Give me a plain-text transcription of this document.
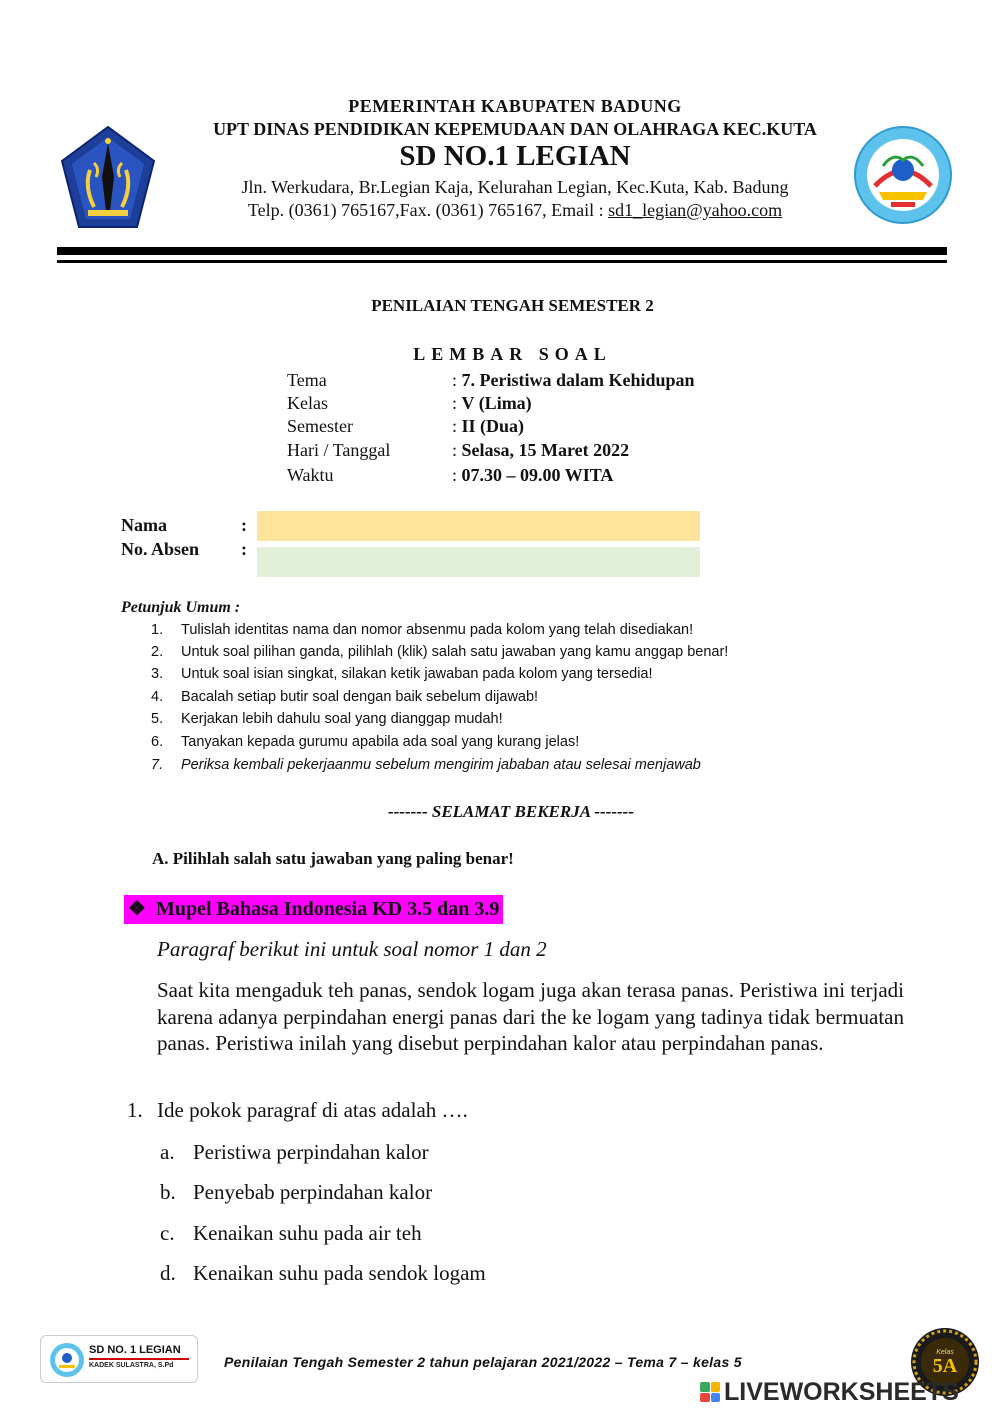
PEMERINTAH KABUPATEN BADUNG
UPT DINAS PENDIDIKAN KEPEMUDAAN DAN OLAHRAGA KEC.KUTA
SD NO.1 LEGIAN
Jln. Werkudara, Br.Legian Kaja, Kelurahan Legian, Kec.Kuta, Kab. Badung
Telp. (0361) 765167,Fax. (0361) 765167, Email : sd1_legian@yahoo.com
PENILAIAN TENGAH SEMESTER 2
LEMBAR SOAL
Tema	: 7. Peristiwa dalam Kehidupan
Kelas	: V (Lima)
Semester	: II (Dua)
Hari / Tanggal	: Selasa, 15 Maret 2022
Waktu	: 07.30 – 09.00 WITA
Nama	:
No. Absen :
Petunjuk Umum :
1.	Tulislah identitas nama dan nomor absenmu pada kolom yang telah disediakan!
2.	Untuk soal pilihan ganda, pilihlah (klik) salah satu jawaban yang kamu anggap benar!
3.	Untuk soal isian singkat, silakan ketik jawaban pada kolom yang tersedia!
4.	Bacalah setiap butir soal dengan baik sebelum dijawab!
5.	Kerjakan lebih dahulu soal yang dianggap mudah!
6.	Tanyakan kepada gurumu apabila ada soal yang kurang jelas!
7.	Periksa kembali pekerjaanmu sebelum mengirim jababan atau selesai menjawab
------- SELAMAT BEKERJA -------
A. Pilihlah salah satu jawaban yang paling benar!
❖ Mupel Bahasa Indonesia KD 3.5 dan 3.9
Paragraf berikut ini untuk soal nomor 1 dan 2
Saat kita mengaduk teh panas, sendok logam juga akan terasa panas. Peristiwa ini terjadi karena adanya perpindahan energi panas dari the ke logam yang tadinya tidak bermuatan panas. Peristiwa inilah yang disebut perpindahan kalor atau perpindahan panas.
1. Ide pokok paragraf di atas adalah ….
a. Peristiwa perpindahan kalor
b. Penyebab perpindahan kalor
c. Kenaikan suhu pada air teh
d. Kenaikan suhu pada sendok logam
SD NO. 1 LEGIAN
KADEK SULASTRA, S.Pd	Penilaian Tengah Semester 2 tahun pelajaran 2021/2022 – Tema 7 – kelas 5
Kelas
5A
LIVEWORKSHEETS
